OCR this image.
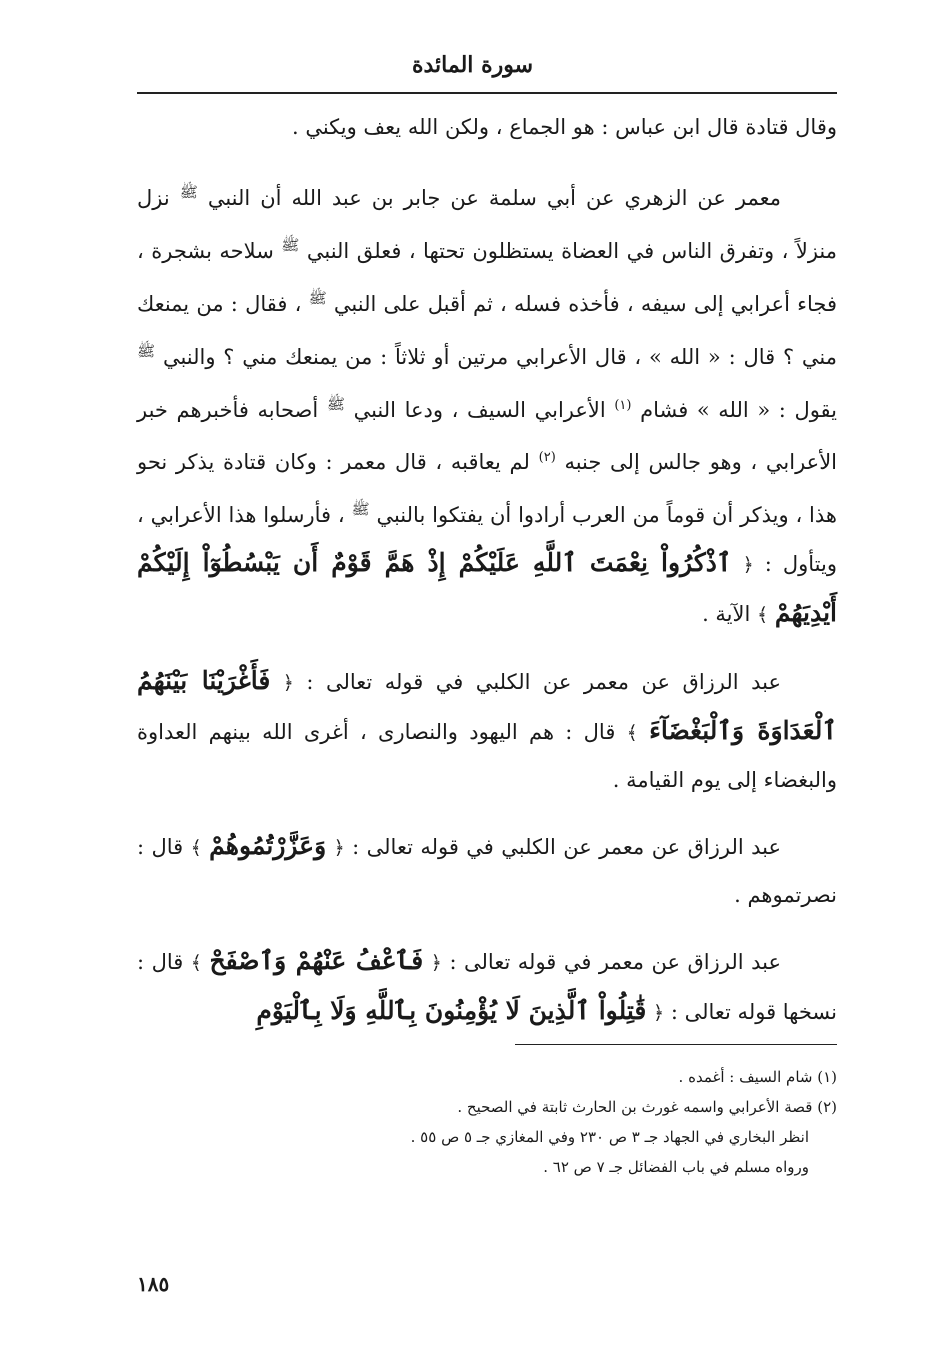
سورة المائدة

وقال قتادة قال ابن عباس : هو الجماع ، ولكن الله يعف ويكني .

معمر عن الزهري عن أبي سلمة عن جابر بن عبد الله أن النبي $^ﷺ$ نزل منزلاً ، وتفرق الناس في العضاة يستظلون تحتها ، فعلق النبي $^ﷺ$ سلاحه بشجرة ، فجاء أعرابي إلى سيفه ، فأخذه فسله ، ثم أقبل على النبي $^ﷺ$ ، فقال : من يمنعك مني ؟ قال : « الله » ، قال الأعرابي مرتين أو ثلاثاً : من يمنعك مني ؟ والنبي $^ﷺ$ يقول : « الله » فشام $^{(١)}$ الأعرابي السيف ، ودعا النبي $^ﷺ$ أصحابه فأخبرهم خبر الأعرابي ، وهو جالس إلى جنبه $^{(٢)}$ لم يعاقبه ، قال معمر : وكان قتادة يذكر نحو هذا ، ويذكر أن قوماً من العرب أرادوا أن يفتكوا بالنبي $^ﷺ$ ، فأرسلوا هذا الأعرابي ، ويتأول : ﴿ ٱذْكُرُواْ نِعْمَتَ ٱللَّهِ عَلَيْكُمْ إِذْ هَمَّ قَوْمٌ أَن يَبْسُطُوٓاْ إِلَيْكُمْ أَيْدِيَهُمْ ﴾ الآية .

عبد الرزاق عن معمر عن الكلبي في قوله تعالى : ﴿ فَأَغْرَيْنَا بَيْنَهُمُ ٱلْعَدَاوَةَ وَٱلْبَغْضَآءَ ﴾ قال : هم اليهود والنصارى ، أغرى الله بينهم العداوة والبغضاء إلى يوم القيامة .

عبد الرزاق عن معمر عن الكلبي في قوله تعالى : ﴿ وَعَزَّرْتُمُوهُمْ ﴾ قال : نصرتموهم .

عبد الرزاق عن معمر في قوله تعالى : ﴿ فَٱعْفُ عَنْهُمْ وَٱصْفَحْ ﴾ قال : نسخها قوله تعالى : ﴿ قَٰتِلُواْ ٱلَّذِينَ لَا يُؤْمِنُونَ بِٱللَّهِ وَلَا بِٱلْيَوْمِ

(١) شام السيف : أغمده .

(٢) قصة الأعرابي واسمه غورث بن الحارث ثابتة في الصحيح .

انظر البخاري في الجهاد جـ ٣ ص ٢٣٠ وفي المغازي جـ ٥ ص ٥٥ .

ورواه مسلم في باب الفضائل جـ ٧ ص ٦٢ .

١٨٥
